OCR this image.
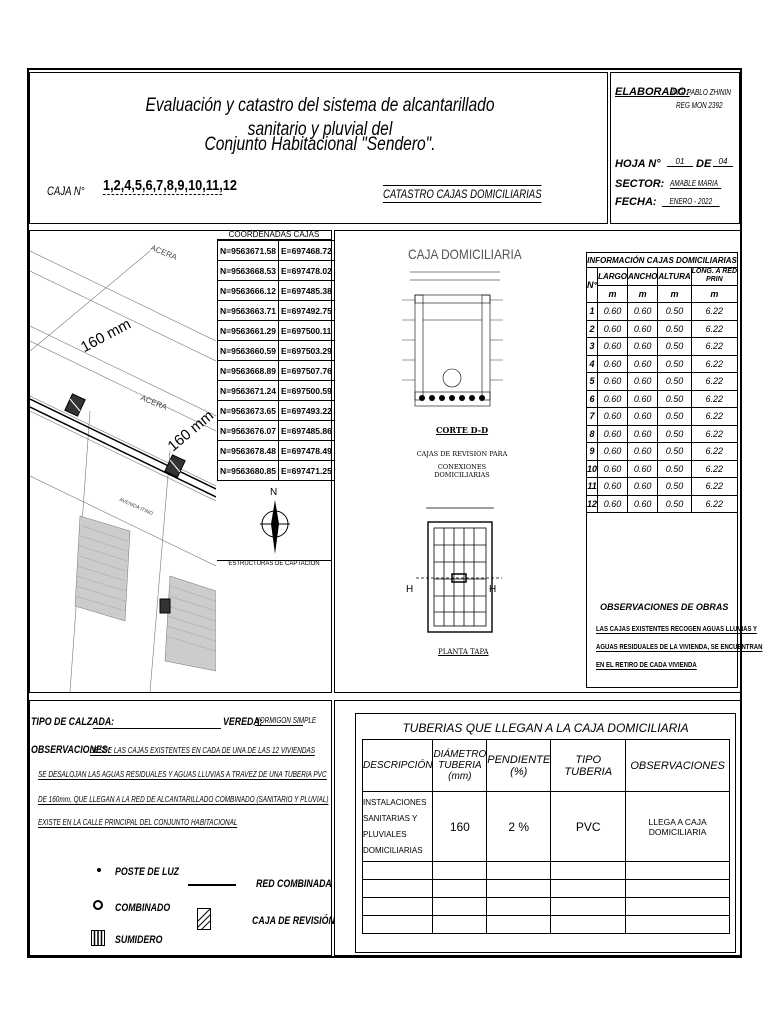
Evaluación y catastro del sistema de alcantarillado sanitario y pluvial del
Conjunto Habitacional "Sendero".
CAJA N° 1,2,4,5,6,7,8,9,10,11,12	CATASTRO CAJAS DOMICILIARIAS
ELABORADO:
ING. PABLO ZHININ
REG MON 2392
HOJA N°	01	DE 04
SECTOR: AMABLE MARIA
FECHA:	ENERO - 2022
160 mm
160 mm
ACERA
ACERA
AVENIDA ITINO
COORDENADAS CAJAS
N=9563671.58	E=697468.72
N=9563668.53	E=697478.02
N=9563666.12	E=697485.38
N=9563663.71	E=697492.75
N=9563661.29	E=697500.11
N=9563660.59	E=697503.29
N=9563668.89	E=697507.76
N=9563671.24	E=697500.59
N=9563673.65	E=697493.22
N=9563676.07	E=697485.86
N=9563678.48	E=697478.49
N=9563680.85	E=697471.25
N
ESTRUCTURAS DE CAPTACION
CAJA DOMICILIARIA
CORTE D-D
CAJAS DE REVISION PARA
CONEXIONES DOMICILIARIAS
H	H
PLANTA TAPA
INFORMACIÓN CAJAS DOMICILIARIAS				
N°	LARGO	ANCHO	ALTURA	LONG. A RED PRIN
	m	m	m	m
1	0.60	0.60	0.50	6.22
2	0.60	0.60	0.50	6.22
3	0.60	0.60	0.50	6.22
4	0.60	0.60	0.50	6.22
5	0.60	0.60	0.50	6.22
6	0.60	0.60	0.50	6.22
7	0.60	0.60	0.50	6.22
8	0.60	0.60	0.50	6.22
9	0.60	0.60	0.50	6.22
10	0.60	0.60	0.50	6.22
11	0.60	0.60	0.50	6.22
12	0.60	0.60	0.50	6.22

OBSERVACIONES DE OBRAS
LAS CAJAS EXISTENTES RECOGEN AGUAS LLUVIAS Y
AGUAS RESIDUALES DE LA VIVIENDA, SE ENCUENTRAN
EN EL RETIRO DE CADA VIVIENDA
TIPO DE CALZADA:	VEREDA:
HORMIGON SIMPLE
OBSERVACIONES:
DESDE LAS CAJAS EXISTENTES EN CADA DE UNA DE LAS 12 VIVIENDAS
SE DESALOJAN LAS AGUAS RESIDUALES Y AGUAS LLUVIAS A TRAVEZ DE UNA TUBERIA PVC
DE 160mm, QUE LLEGAN A LA RED DE ALCANTARILLADO COMBINADO (SANITARIO Y PLUVIAL)
EXISTE EN LA CALLE PRINCIPAL DEL CONJUNTO HABITACIONAL
POSTE DE LUZ
RED COMBINADA
COMBINADO
CAJA DE REVISIÓN
SUMIDERO
TUBERIAS QUE LLEGAN A LA CAJA DOMICILIARIA
DESCRIPCIÓN	DIÁMETRO TUBERIA (mm)	PENDIENTE (%)	TIPO TUBERIA	OBSERVACIONES
INSTALACIONES SANITARIAS Y PLUVIALES DOMICILIARIAS	160	2 %	PVC	LLEGA A CAJA DOMICILIARIA
